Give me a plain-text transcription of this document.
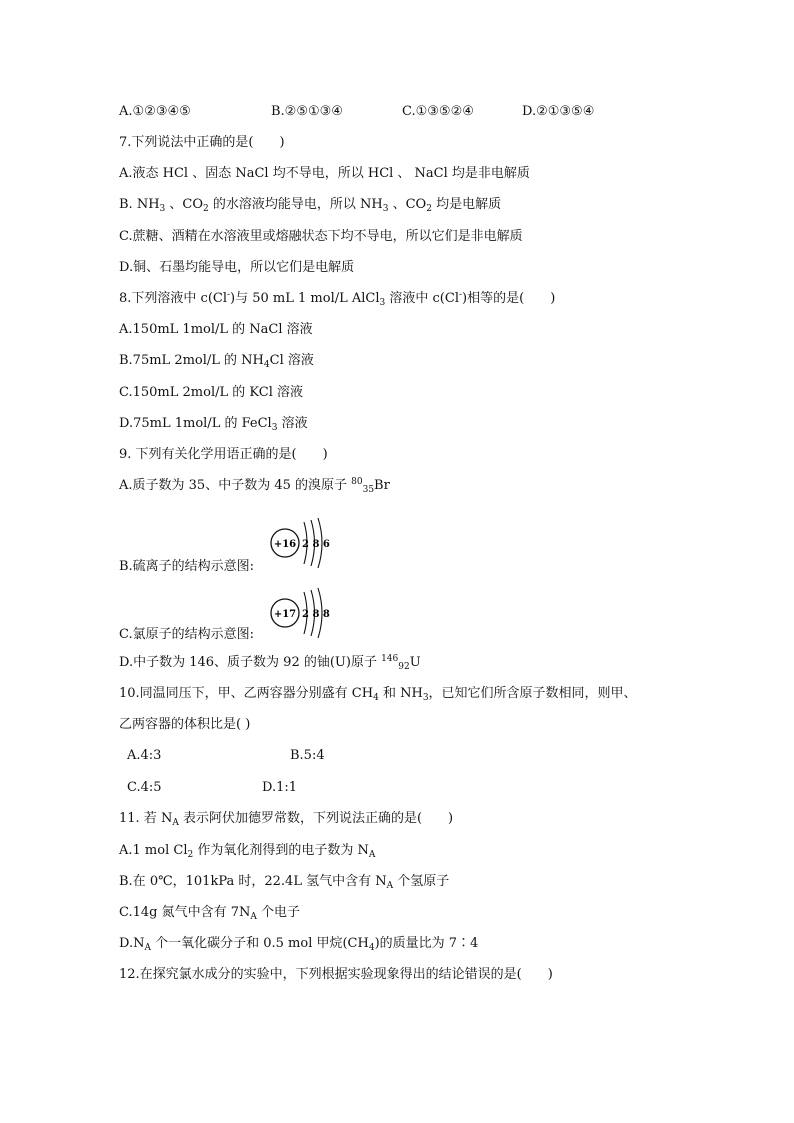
A.①②③④⑤	B.②⑤①③④	C.①③⑤②④	D.②①③⑤④
7.下列说法中正确的是(　　)
A.液态 HCl 、固态 NaCl 均不导电，所以 HCl 、 NaCl 均是非电解质
B. $NH_3$ 、$CO_2$ 的水溶液均能导电，所以 $NH_3$ 、$CO_2$ 均是电解质
C.蔗糖、酒精在水溶液里或熔融状态下均不导电，所以它们是非电解质
D.铜、石墨均能导电，所以它们是电解质
8.下列溶液中 c(Cl-)与 50 mL 1 mol/L AlCl$_3$ 溶液中 c(Cl-)相等的是(　　)
A.150mL 1mol/L 的 NaCl 溶液
B.75mL 2mol/L 的 $NH_4Cl$ 溶液
C.150mL 2mol/L 的 KCl 溶液
D.75mL 1mol/L 的 FeCl$_3$ 溶液
9. 下列有关化学用语正确的是(　　)
A.质子数为 35、中子数为 45 的溴原子 $^{80}_{35}$Br
+16 2 8 6
B.硫离子的结构示意图:
+17 2 8 8
C.氯原子的结构示意图:
D.中子数为 146、质子数为 92 的铀(U)原子 $^{146}_{92}$U
10.同温同压下，甲、乙两容器分别盛有 $CH_4$ 和 $NH_3$，已知它们所含原子数相同，则甲、
乙两容器的体积比是( )
A.4:3	B.5:4
C.4:5	D.1:1
11. 若 $N_A$ 表示阿伏加德罗常数，下列说法正确的是(　　)
A.1 mol $Cl_2$ 作为氧化剂得到的电子数为 $N_A$
B.在 0℃，101kPa 时，22.4L 氢气中含有 $N_A$ 个氢原子
C.14g 氮气中含有 $7N_A$ 个电子
$D.N_A$ 个一氧化碳分子和 0.5 mol 甲烷$(CH_4)$的质量比为 7∶4
12.在探究氯水成分的实验中，下列根据实验现象得出的结论错误的是(　　)
